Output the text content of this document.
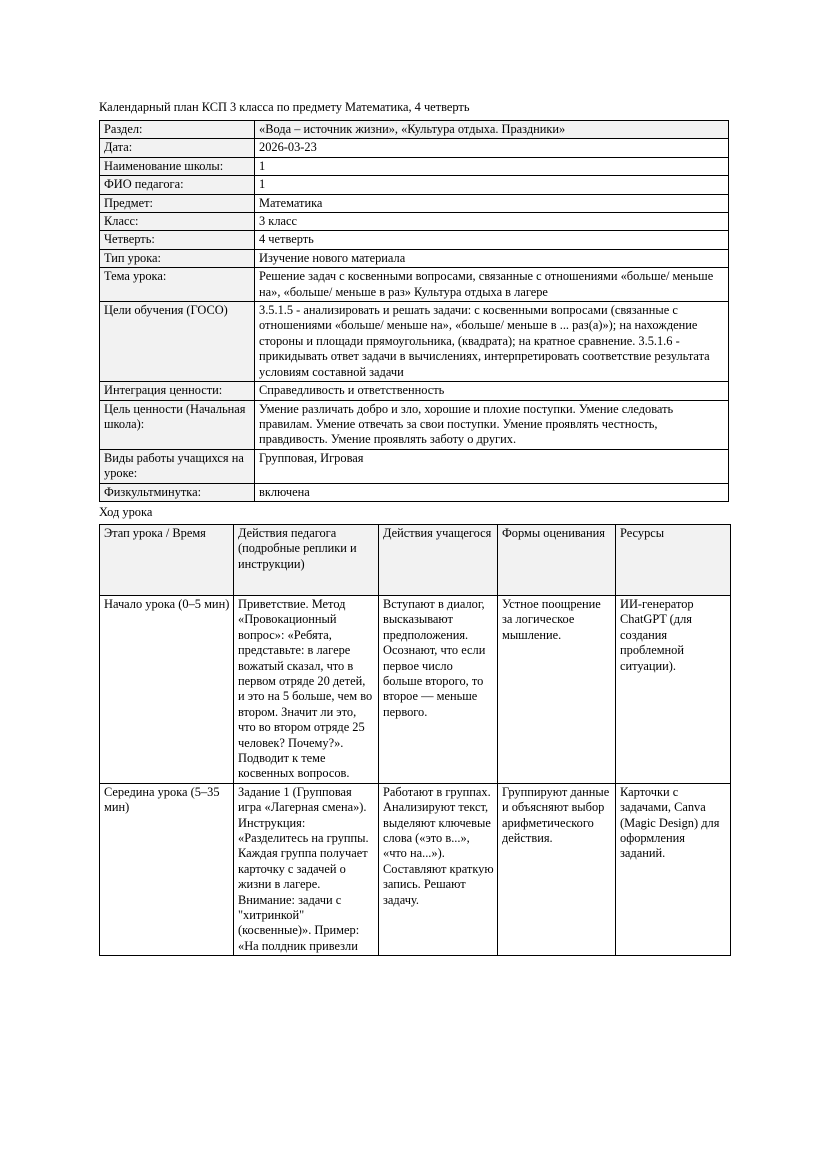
Календарный план КСП 3 класса по предмету Математика, 4 четверть

Раздел:	«Вода – источник жизни», «Культура отдыха. Праздники»
Дата:	2026-03-23
Наименование школы:	1
ФИО педагога:	1
Предмет:	Математика
Класс:	3 класс
Четверть:	4 четверть
Тип урока:	Изучение нового материала
Тема урока:	Решение задач с косвенными вопросами, связанные с отношениями «больше/ меньше на», «больше/ меньше в раз» Культура отдыха в лагере
Цели обучения (ГОСО)	3.5.1.5 - анализировать и решать задачи: с косвенными вопросами (связанные с отношениями «больше/ меньше на», «больше/ меньше в ... раз(а)»); на нахождение стороны и площади прямоугольника, (квадрата); на кратное сравнение. 3.5.1.6 - прикидывать ответ задачи в вычислениях, интерпретировать соответствие результата условиям составной задачи
Интеграция ценности:	Справедливость и ответственность
Цель ценности (Начальная школа):	Умение различать добро и зло, хорошие и плохие поступки. Умение следовать правилам. Умение отвечать за свои поступки. Умение проявлять честность, правдивость. Умение проявлять заботу о других.
Виды работы учащихся на уроке:	Групповая, Игровая
Физкультминутка:	включена

Ход урока

Этап урока / Время	Действия педагога (подробные реплики и инструкции)	Действия учащегося	Формы оценивания	Ресурсы
Начало урока (0–5 мин)	Приветствие. Метод «Провокационный вопрос»: «Ребята, представьте: в лагере вожатый сказал, что в первом отряде 20 детей, и это на 5 больше, чем во втором. Значит ли это, что во втором отряде 25 человек? Почему?». Подводит к теме косвенных вопросов.	Вступают в диалог, высказывают предположения. Осознают, что если первое число больше второго, то второе — меньше первого.	Устное поощрение за логическое мышление.	ИИ-генератор ChatGPT (для создания проблемной ситуации).
Середина урока (5–35 мин)	Задание 1 (Групповая игра «Лагерная смена»). Инструкция: «Разделитесь на группы. Каждая группа получает карточку с задачей о жизни в лагере. Внимание: задачи с "хитринкой" (косвенные)». Пример: «На полдник привезли	Работают в группах. Анализируют текст, выделяют ключевые слова («это в...», «что на...»). Составляют краткую запись. Решают задачу.	Группируют данные и объясняют выбор арифметического действия.	Карточки с задачами, Canva (Magic Design) для оформления заданий.
